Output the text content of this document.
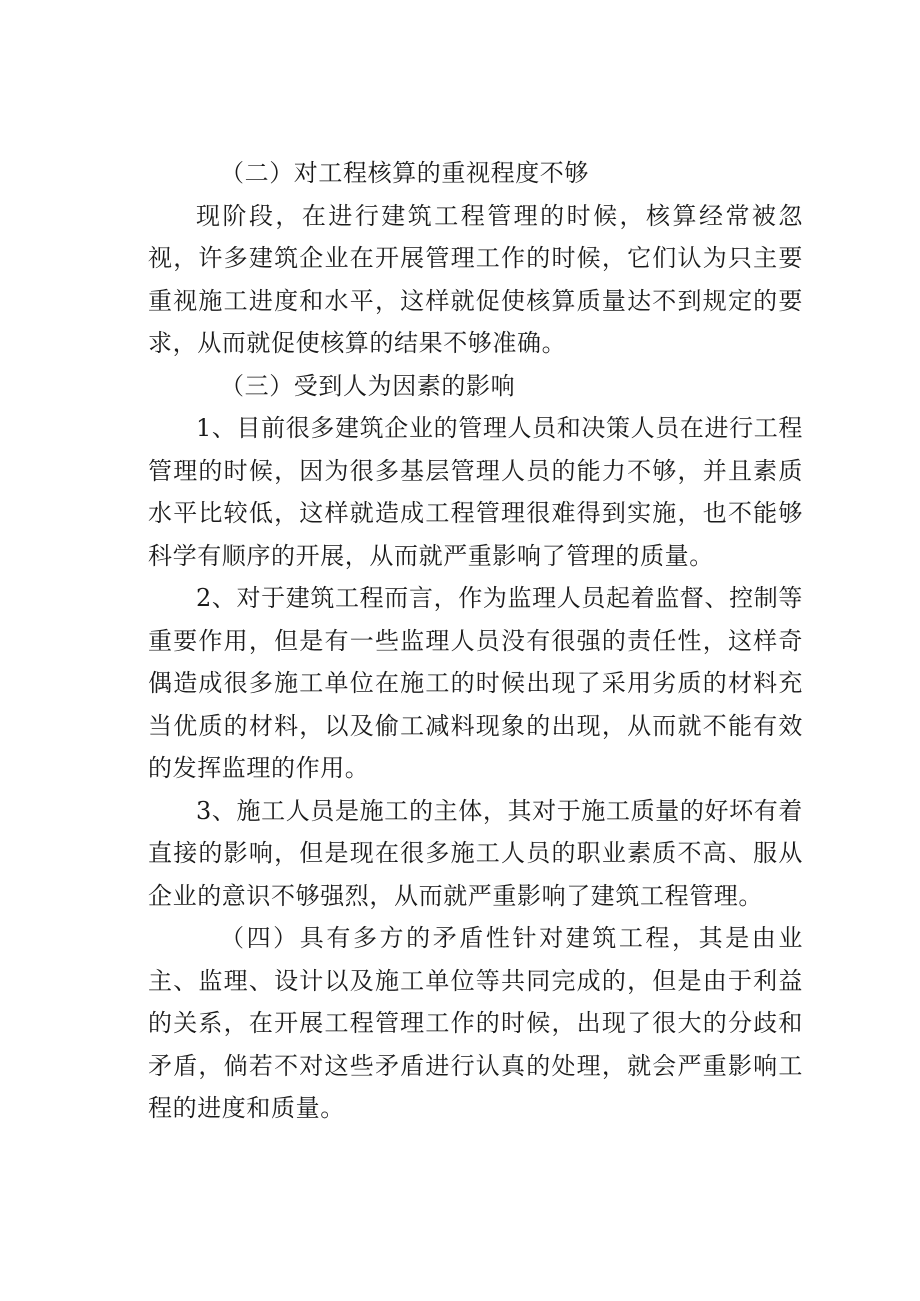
（二）对工程核算的重视程度不够

现阶段，在进行建筑工程管理的时候，核算经常被忽视，许多建筑企业在开展管理工作的时候，它们认为只主要重视施工进度和水平，这样就促使核算质量达不到规定的要求，从而就促使核算的结果不够准确。

（三）受到人为因素的影响

1、目前很多建筑企业的管理人员和决策人员在进行工程管理的时候，因为很多基层管理人员的能力不够，并且素质水平比较低，这样就造成工程管理很难得到实施，也不能够科学有顺序的开展，从而就严重影响了管理的质量。

2、对于建筑工程而言，作为监理人员起着监督、控制等重要作用，但是有一些监理人员没有很强的责任性，这样奇偶造成很多施工单位在施工的时候出现了采用劣质的材料充当优质的材料，以及偷工减料现象的出现，从而就不能有效的发挥监理的作用。

3、施工人员是施工的主体，其对于施工质量的好坏有着直接的影响，但是现在很多施工人员的职业素质不高、服从企业的意识不够强烈，从而就严重影响了建筑工程管理。

（四）具有多方的矛盾性针对建筑工程，其是由业主、监理、设计以及施工单位等共同完成的，但是由于利益的关系，在开展工程管理工作的时候，出现了很大的分歧和矛盾，倘若不对这些矛盾进行认真的处理，就会严重影响工程的进度和质量。
